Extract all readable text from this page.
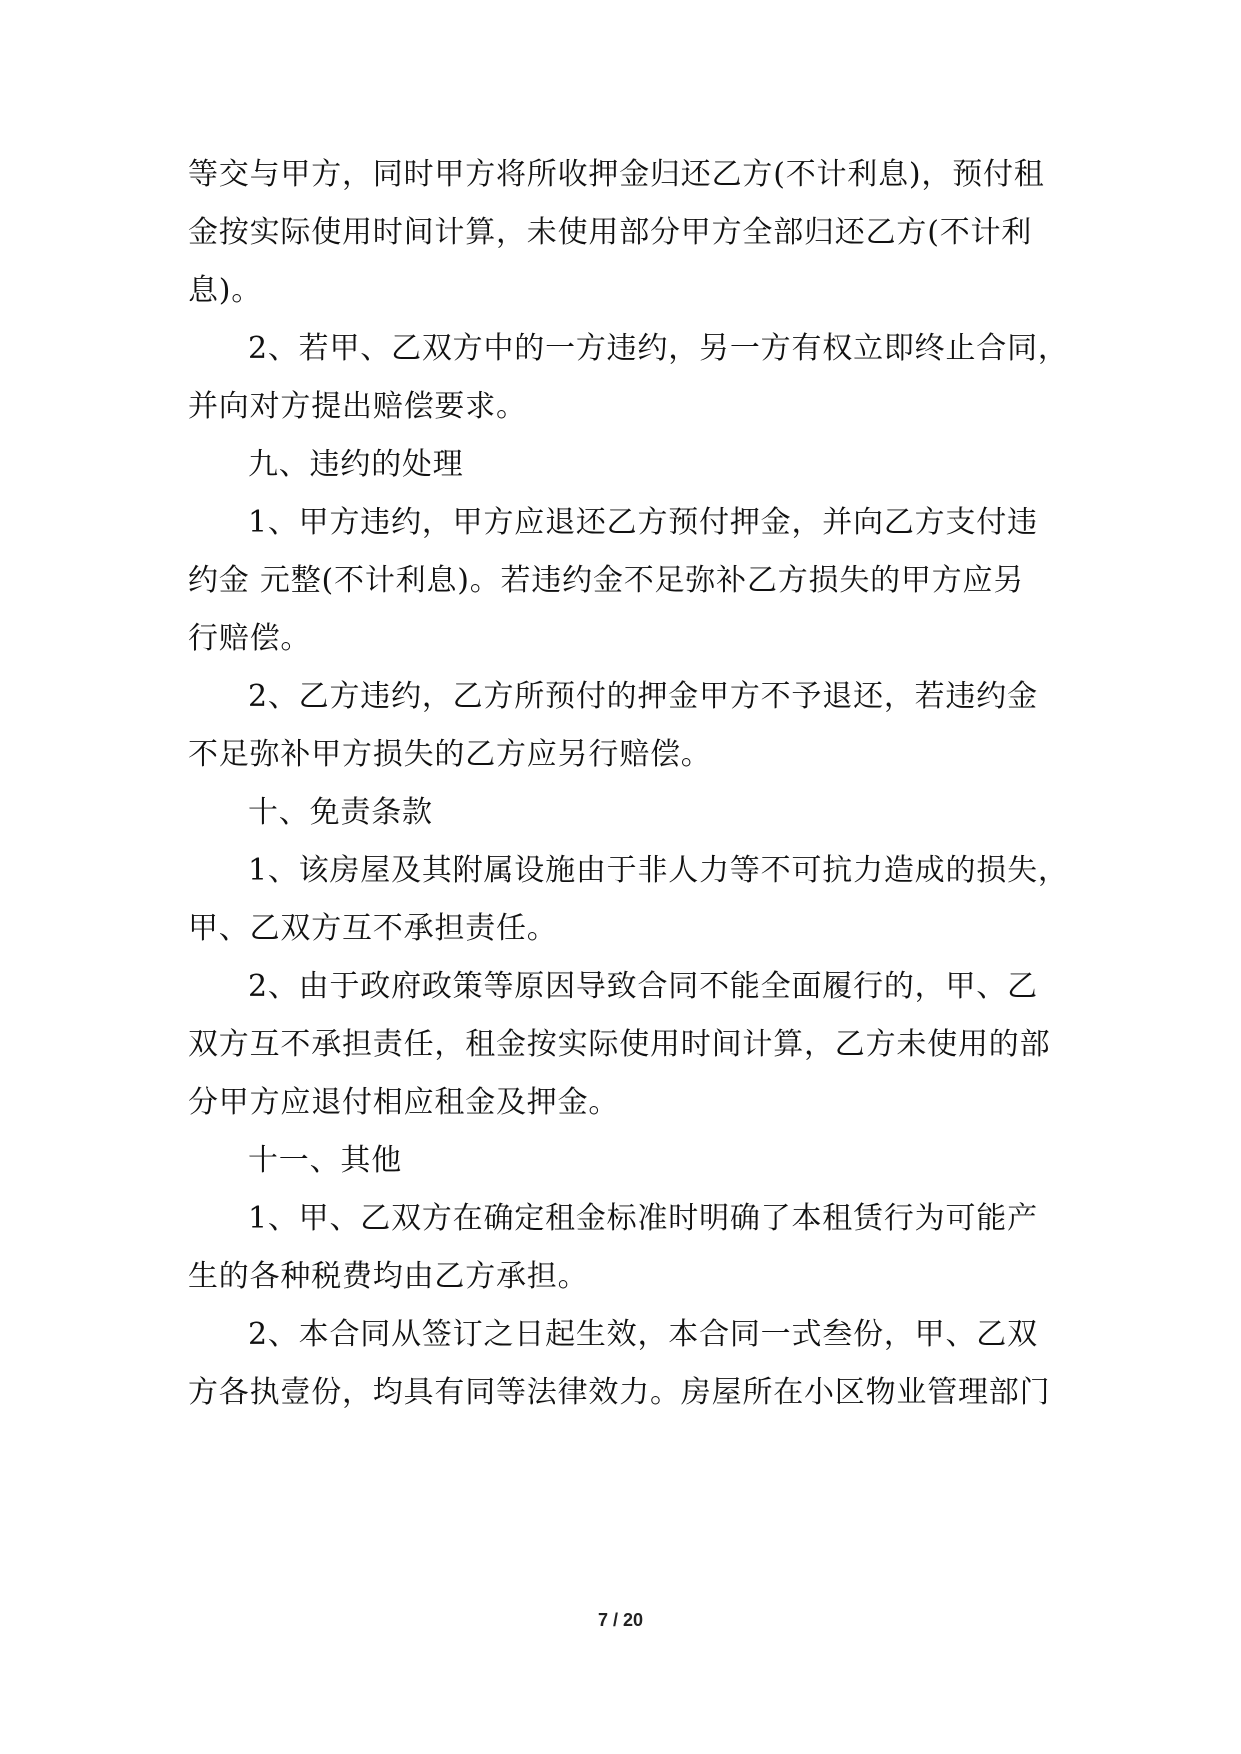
等交与甲方，同时甲方将所收押金归还乙方(不计利息)，预付租
金按实际使用时间计算，未使用部分甲方全部归还乙方(不计利
息)。
2、若甲、乙双方中的一方违约，另一方有权立即终止合同，
并向对方提出赔偿要求。
九、违约的处理
1、甲方违约，甲方应退还乙方预付押金，并向乙方支付违
约金 元整(不计利息)。若违约金不足弥补乙方损失的甲方应另
行赔偿。
2、乙方违约，乙方所预付的押金甲方不予退还，若违约金
不足弥补甲方损失的乙方应另行赔偿。
十、免责条款
1、该房屋及其附属设施由于非人力等不可抗力造成的损失，
甲、乙双方互不承担责任。
2、由于政府政策等原因导致合同不能全面履行的，甲、乙
双方互不承担责任，租金按实际使用时间计算，乙方未使用的部
分甲方应退付相应租金及押金。
十一、其他
1、甲、乙双方在确定租金标准时明确了本租赁行为可能产
生的各种税费均由乙方承担。
2、本合同从签订之日起生效，本合同一式叁份，甲、乙双
方各执壹份，均具有同等法律效力。房屋所在小区物业管理部门
7 / 20
